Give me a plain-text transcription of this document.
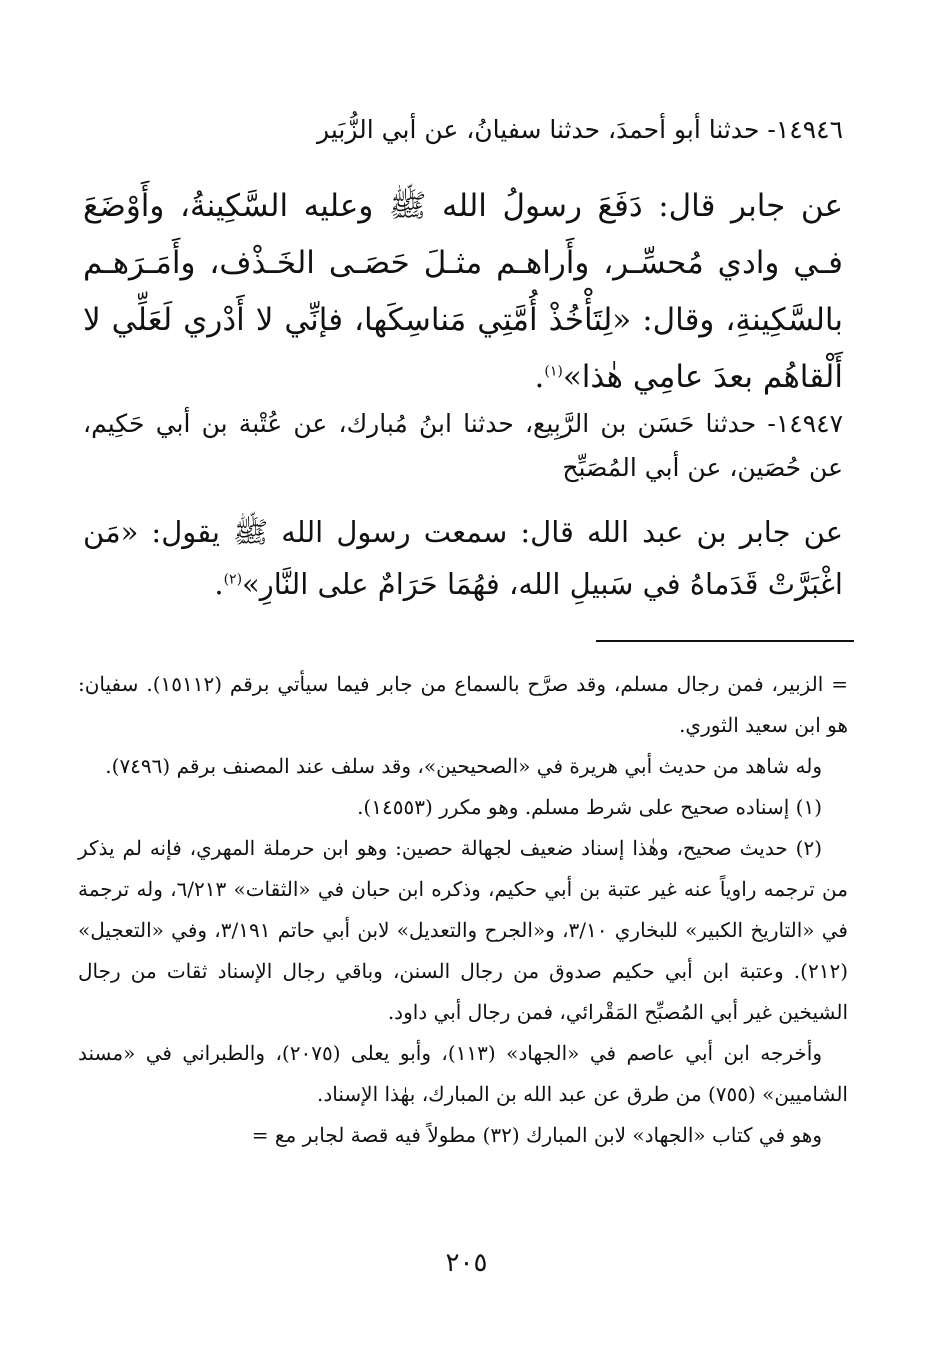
١٤٩٤٦- حدثنا أبو أحمدَ، حدثنا سفيانُ، عن أبي الزُّبَير
عن جابر قال: دَفَعَ رسولُ الله ﷺ وعليه السَّكِينةُ، وأَوْضَعَ فـي وادي مُحسِّـر، وأَراهـم مثـلَ حَصَـى الخَـذْف، وأَمَـرَهـم بالسَّكِينةِ، وقال: «لِتَأْخُذْ أُمَّتِي مَناسِكَها، فإنِّي لا أَدْري لَعَلِّي لا أَلْقاهُم بعدَ عامِي هٰذا»$^{(١)}$.
١٤٩٤٧- حدثنا حَسَن بن الرَّبِيع، حدثنا ابنُ مُبارك، عن عُتْبة بن أبي حَكِيم، عن حُصَين، عن أبي المُصَبِّح
عن جابر بن عبد الله قال: سمعت رسول الله ﷺ يقول: «مَن اغْبَرَّتْ قَدَماهُ في سَبيلِ الله، فهُمَا حَرَامٌ على النَّارِ»$^{(٢)}$.

= الزبير، فمن رجال مسلم، وقد صرَّح بالسماع من جابر فيما سيأتي برقم (١٥١١٢). سفيان: هو ابن سعيد الثوري.

وله شاهد من حديث أبي هريرة في «الصحيحين»، وقد سلف عند المصنف برقم (٧٤٩٦).

(١) إسناده صحيح على شرط مسلم. وهو مكرر (١٤٥٥٣).

(٢) حديث صحيح، وهٰذا إسناد ضعيف لجهالة حصين: وهو ابن حرملة المهري، فإنه لم يذكر من ترجمه راوياً عنه غير عتبة بن أبي حكيم، وذكره ابن حبان في «الثقات» ٦/٢١٣، وله ترجمة في «التاريخ الكبير» للبخاري ٣/١٠، و«الجرح والتعديل» لابن أبي حاتم ٣/١٩١، وفي «التعجيل» (٢١٢). وعتبة ابن أبي حكيم صدوق من رجال السنن، وباقي رجال الإسناد ثقات من رجال الشيخين غير أبي المُصبِّح المَقْرائي، فمن رجال أبي داود.

وأخرجه ابن أبي عاصم في «الجهاد» (١١٣)، وأبو يعلى (٢٠٧٥)، والطبراني في «مسند الشاميين» (٧٥٥) من طرق عن عبد الله بن المبارك، بهٰذا الإسناد.

وهو في كتاب «الجهاد» لابن المبارك (٣٢) مطولاً فيه قصة لجابر مع =

٢٠٥
